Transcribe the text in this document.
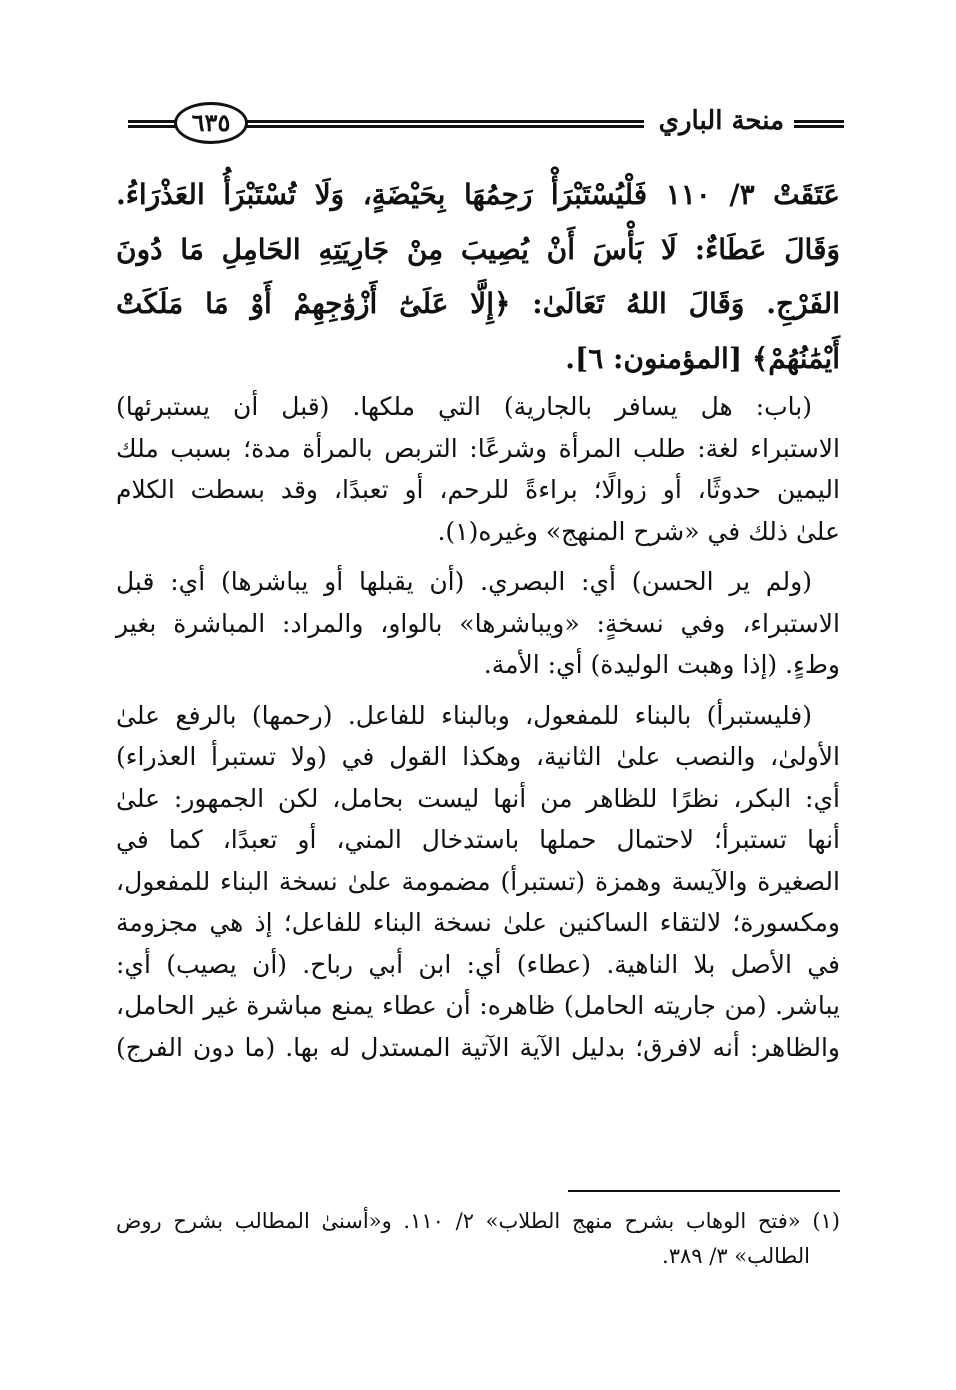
منحة الباري
٦٣٥
عَتَقَتْ ٣/ ١١٠ فَلْيُسْتَبْرَأْ رَحِمُهَا بِحَيْضَةٍ، وَلَا تُسْتَبْرَأُ العَذْرَاءُ.
وَقَالَ عَطَاءٌ: لَا بَأْسَ أَنْ يُصِيبَ مِنْ جَارِيَتِهِ الحَامِلِ مَا دُونَ
الفَرْجِ. وَقَالَ اللهُ تَعَالَىٰ: ﴿إِلَّا عَلَىٰٓ أَزْوَٰجِهِمْ أَوْ مَا مَلَكَتْ
أَيْمَٰنُهُمْ﴾ [المؤمنون: ٦].
(باب: هل يسافر بالجارية) التي ملكها. (قبل أن يستبرئها)
الاستبراء لغة: طلب المرأة وشرعًا: التربص بالمرأة مدة؛ بسبب ملك
اليمين حدوثًا، أو زوالًا؛ براءةً للرحم، أو تعبدًا، وقد بسطت الكلام
علىٰ ذلك في «شرح المنهج» وغيره(١).
(ولم ير الحسن) أي: البصري. (أن يقبلها أو يباشرها) أي: قبل
الاستبراء، وفي نسخةٍ: «ويباشرها» بالواو، والمراد: المباشرة بغير
وطءٍ. (إذا وهبت الوليدة) أي: الأمة.
(فليستبرأ) بالبناء للمفعول، وبالبناء للفاعل. (رحمها) بالرفع علىٰ
الأولىٰ، والنصب علىٰ الثانية، وهكذا القول في (ولا تستبرأ العذراء)
أي: البكر، نظرًا للظاهر من أنها ليست بحامل، لكن الجمهور: علىٰ
أنها تستبرأ؛ لاحتمال حملها باستدخال المني، أو تعبدًا، كما في
الصغيرة والآيسة وهمزة (تستبرأ) مضمومة علىٰ نسخة البناء للمفعول،
ومكسورة؛ لالتقاء الساكنين علىٰ نسخة البناء للفاعل؛ إذ هي مجزومة
في الأصل بلا الناهية. (عطاء) أي: ابن أبي رباح. (أن يصيب) أي:
يباشر. (من جاريته الحامل) ظاهره: أن عطاء يمنع مباشرة غير الحامل،
والظاهر: أنه لافرق؛ بدليل الآية الآتية المستدل له بها. (ما دون الفرج)
(١) «فتح الوهاب بشرح منهج الطلاب» ٢/ ١١٠. و«أسنىٰ المطالب بشرح روض
الطالب» ٣/ ٣٨٩.
